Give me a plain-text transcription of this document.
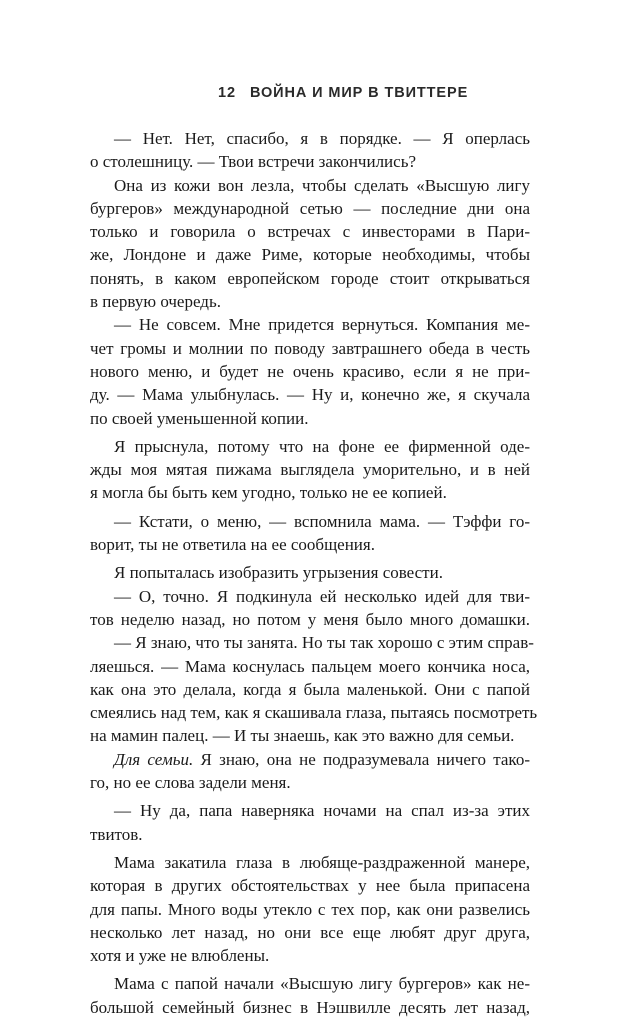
12 ВОЙНА И МИР В ТВИТТЕРЕ
— Нет. Нет, спасибо, я в порядке. — Я оперлась
о столешницу. — Твои встречи закончились?
Она из кожи вон лезла, чтобы сделать «Высшую лигу
бургеров» международной сетью — последние дни она
только и говорила о встречах с инвесторами в Пари-
же, Лондоне и даже Риме, которые необходимы, чтобы
понять, в каком европейском городе стоит открываться
в первую очередь.
— Не совсем. Мне придется вернуться. Компания ме-
чет громы и молнии по поводу завтрашнего обеда в честь
нового меню, и будет не очень красиво, если я не при-
ду. — Мама улыбнулась. — Ну и, конечно же, я скучала
по своей уменьшенной копии.
Я прыснула, потому что на фоне ее фирменной оде-
жды моя мятая пижама выглядела уморительно, и в ней
я могла бы быть кем угодно, только не ее копией.
— Кстати, о меню, — вспомнила мама. — Тэффи го-
ворит, ты не ответила на ее сообщения.
Я попыталась изобразить угрызения совести.
— О, точно. Я подкинула ей несколько идей для тви-
тов неделю назад, но потом у меня было много домашки.
— Я знаю, что ты занята. Но ты так хорошо с этим справ-
ляешься. — Мама коснулась пальцем моего кончика носа,
как она это делала, когда я была маленькой. Они с папой
смеялись над тем, как я скашивала глаза, пытаясь посмотреть
на мамин палец. — И ты знаешь, как это важно для семьи.
Для семьи. Я знаю, она не подразумевала ничего тако-
го, но ее слова задели меня.
— Ну да, папа наверняка ночами на спал из-за этих
твитов.
Мама закатила глаза в любяще-раздраженной манере,
которая в других обстоятельствах у нее была припасена
для папы. Много воды утекло с тех пор, как они развелись
несколько лет назад, но они все еще любят друг друга,
хотя и уже не влюблены.
Мама с папой начали «Высшую лигу бургеров» как не-
большой семейный бизнес в Нэшвилле десять лет назад,
